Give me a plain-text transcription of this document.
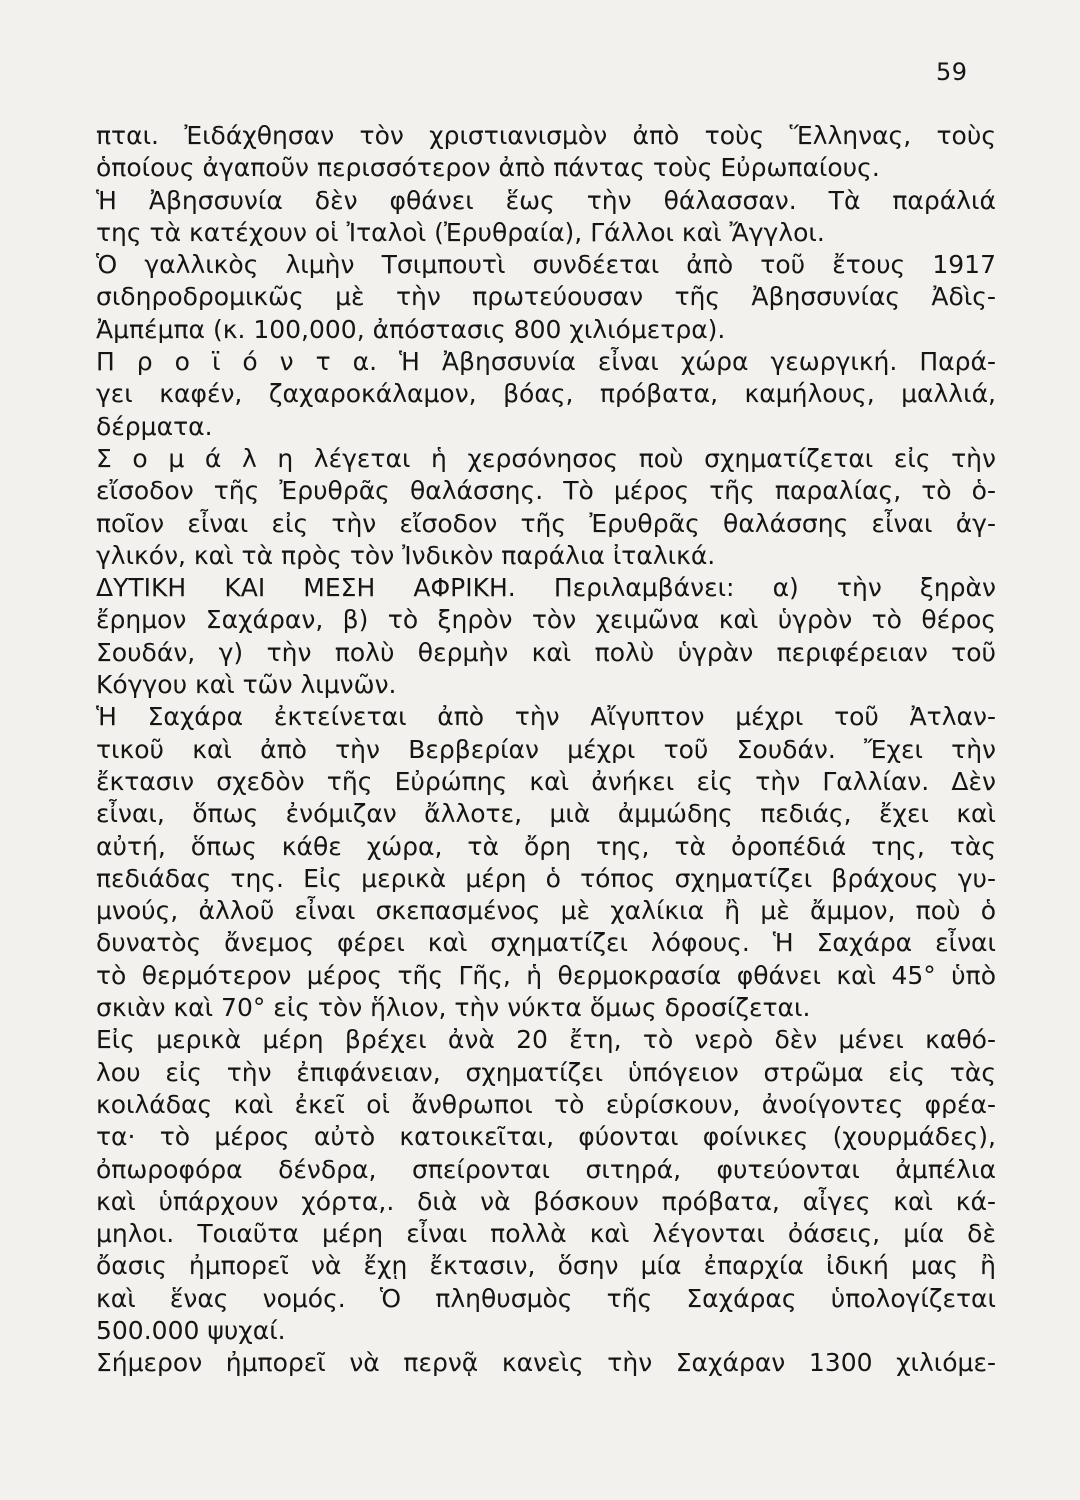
59
πται. Ἐιδάχθησαν τὸν χριστιανισμὸν ἀπὸ τοὺς Ἕλληνας, τοὺς
ὁποίους ἀγαποῦν περισσότερον ἀπὸ πάντας τοὺς Εὐρωπαίους.
Ἡ Ἀβησσυνία δὲν φθάνει ἕως τὴν θάλασσαν. Τὰ παράλιά
της τὰ κατέχουν οἱ Ἰταλοὶ (Ἐρυθραία), Γάλλοι καὶ Ἄγγλοι.
Ὁ γαλλικὸς λιμὴν Τσιμπουτὶ συνδέεται ἀπὸ τοῦ ἔτους 1917
σιδηροδρομικῶς μὲ τὴν πρωτεύουσαν τῆς Ἀβησσυνίας Ἀδὶς-
Ἀμπέμπα (κ. 100,000, ἀπόστασις 800 χιλιόμετρα).
Π ρ ο ϊ ό ν τ α. Ἡ Ἀβησσυνία εἶναι χώρα γεωργική. Παρά-
γει καφέν, ζαχαροκάλαμον, βόας, πρόβατα, καμήλους, μαλλιά,
δέρματα.
Σ ο μ ά λ η λέγεται ἡ χερσόνησος ποὺ σχηματίζεται εἰς τὴν
εἴσοδον τῆς Ἐρυθρᾶς θαλάσσης. Τὸ μέρος τῆς παραλίας, τὸ ὁ-
ποῖον εἶναι εἰς τὴν εἴσοδον τῆς Ἐρυθρᾶς θαλάσσης εἶναι ἀγ-
γλικόν, καὶ τὰ πρὸς τὸν Ἰνδικὸν παράλια ἰταλικά.
ΔΥΤΙΚΗ ΚΑΙ ΜΕΣΗ ΑΦΡΙΚΗ. Περιλαμβάνει: α) τὴν ξηρὰν
ἔρημον Σαχάραν, β) τὸ ξηρὸν τὸν χειμῶνα καὶ ὑγρὸν τὸ θέρος
Σουδάν, γ) τὴν πολὺ θερμὴν καὶ πολὺ ὑγρὰν περιφέρειαν τοῦ
Κόγγου καὶ τῶν λιμνῶν.
Ἡ Σαχάρα ἐκτείνεται ἀπὸ τὴν Αἴγυπτον μέχρι τοῦ Ἀτλαν-
τικοῦ καὶ ἀπὸ τὴν Βερβερίαν μέχρι τοῦ Σουδάν. Ἔχει τὴν
ἔκτασιν σχεδὸν τῆς Εὐρώπης καὶ ἀνήκει εἰς τὴν Γαλλίαν. Δὲν
εἶναι, ὅπως ἐνόμιζαν ἄλλοτε, μιὰ ἀμμώδης πεδιάς, ἔχει καὶ
αὐτή, ὅπως κάθε χώρα, τὰ ὄρη της, τὰ ὀροπέδιά της, τὰς
πεδιάδας της. Εἰς μερικὰ μέρη ὁ τόπος σχηματίζει βράχους γυ-
μνούς, ἀλλοῦ εἶναι σκεπασμένος μὲ χαλίκια ἢ μὲ ἄμμον, ποὺ ὁ
δυνατὸς ἄνεμος φέρει καὶ σχηματίζει λόφους. Ἡ Σαχάρα εἶναι
τὸ θερμότερον μέρος τῆς Γῆς, ἡ θερμοκρασία φθάνει καὶ 45° ὑπὸ
σκιὰν καὶ 70° εἰς τὸν ἥλιον, τὴν νύκτα ὅμως δροσίζεται.
Εἰς μερικὰ μέρη βρέχει ἀνὰ 20 ἔτη, τὸ νερὸ δὲν μένει καθό-
λου εἰς τὴν ἐπιφάνειαν, σχηματίζει ὑπόγειον στρῶμα εἰς τὰς
κοιλάδας καὶ ἐκεῖ οἱ ἄνθρωποι τὸ εὑρίσκουν, ἀνοίγοντες φρέα-
τα· τὸ μέρος αὐτὸ κατοικεῖται, φύονται φοίνικες (χουρμάδες),
ὀπωροφόρα δένδρα, σπείρονται σιτηρά, φυτεύονται ἀμπέλια
καὶ ὑπάρχουν χόρτα,. διὰ νὰ βόσκουν πρόβατα, αἶγες καὶ κά-
μηλοι. Τοιαῦτα μέρη εἶναι πολλὰ καὶ λέγονται ὀάσεις, μία δὲ
ὄασις ἠμπορεῖ νὰ ἔχῃ ἔκτασιν, ὅσην μία ἐπαρχία ἰδική μας ἢ
καὶ ἕνας νομός. Ὁ πληθυσμὸς τῆς Σαχάρας ὑπολογίζεται
500.000 ψυχαί.
Σήμερον ἠμπορεῖ νὰ περνᾷ κανεὶς τὴν Σαχάραν 1300 χιλιόμε-
